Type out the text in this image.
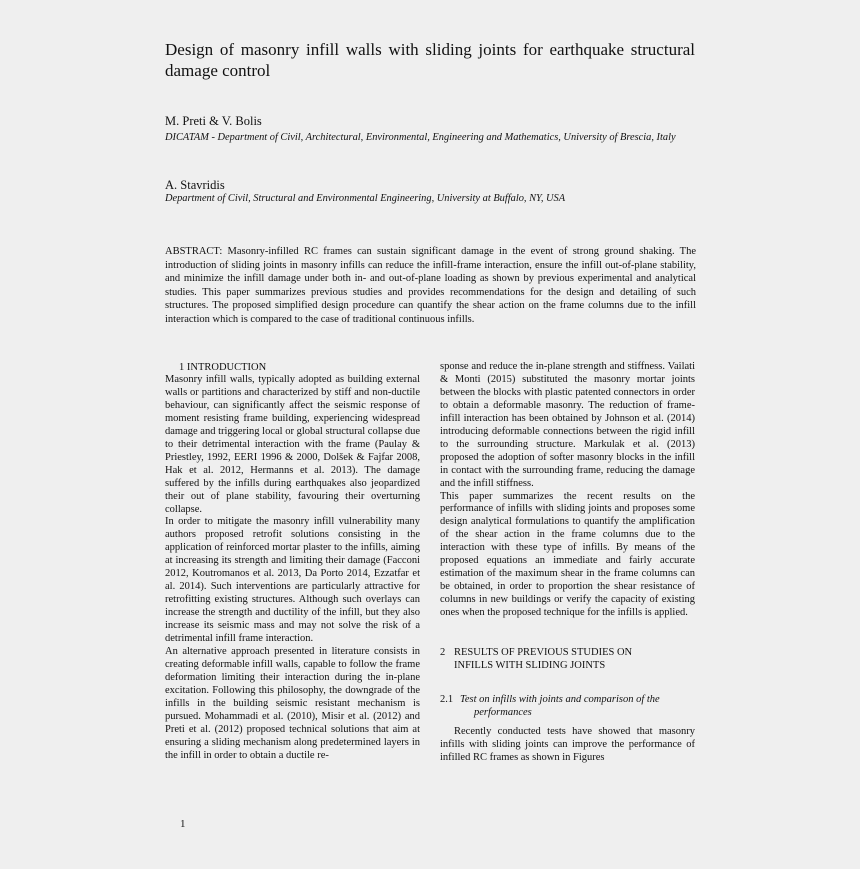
Design of masonry infill walls with sliding joints for earthquake structural damage control
M. Preti & V. Bolis
DICATAM - Department of Civil, Architectural, Environmental, Engineering and Mathematics, University of Brescia, Italy
A. Stavridis
Department of Civil, Structural and Environmental Engineering, University at Buffalo, NY, USA
ABSTRACT: Masonry-infilled RC frames can sustain significant damage in the event of strong ground shaking. The introduction of sliding joints in masonry infills can reduce the infill-frame interaction, ensure the infill out-of-plane stability, and minimize the infill damage under both in- and out-of-plane loading as shown by previous experimental and analytical studies. This paper summarizes previous studies and provides recommendations for the design and detailing of such structures. The proposed simplified design procedure can quantify the shear action on the frame columns due to the infill interaction which is compared to the case of traditional continuous infills.
1 INTRODUCTION

Masonry infill walls, typically adopted as building external walls or partitions and characterized by stiff and non-ductile behaviour, can significantly affect the seismic response of moment resisting frame building, experiencing widespread damage and triggering local or global structural collapse due to their detrimental interaction with the frame (Paulay & Priestley, 1992, EERI 1996 & 2000, Dolšek & Fajfar 2008, Hak et al. 2012, Hermanns et al. 2013). The damage suffered by the infills during earthquakes also jeopardized their out of plane stability, favouring their overturning collapse.

In order to mitigate the masonry infill vulnerability many authors proposed retrofit solutions consisting in the application of reinforced mortar plaster to the infills, aiming at increasing its strength and limiting their damage (Facconi 2012, Koutromanos et al. 2013, Da Porto 2014, Ezzatfar et al. 2014). Such interventions are particularly attractive for retrofitting existing structures. Although such overlays can increase the strength and ductility of the infill, but they also increase its seismic mass and may not solve the risk of a detrimental infill frame interaction.

An alternative approach presented in literature consists in creating deformable infill walls, capable to follow the frame deformation limiting their interaction during the in-plane excitation. Following this philosophy, the downgrade of the infills in the building seismic resistant mechanism is pursued. Mohammadi et al. (2010), Misir et al. (2012) and Preti et al. (2012) proposed technical solutions that aim at ensuring a sliding mechanism along predetermined layers in the infill in order to obtain a ductile re-

sponse and reduce the in-plane strength and stiffness. Vailati & Monti (2015) substituted the masonry mortar joints between the blocks with plastic patented connectors in order to obtain a deformable masonry. The reduction of frame-infill interaction has been obtained by Johnson et al. (2014) introducing deformable connections between the rigid infill to the surrounding structure. Markulak et al. (2013) proposed the adoption of softer masonry blocks in the infill in contact with the surrounding frame, reducing the damage and the infill stiffness.

This paper summarizes the recent results on the performance of infills with sliding joints and proposes some design analytical formulations to quantify the amplification of the shear action in the frame columns due to the interaction with these type of infills. By means of the proposed equations an immediate and fairly accurate estimation of the maximum shear in the frame columns can be obtained, in order to proportion the shear resistance of columns in new buildings or verify the capacity of existing ones when the proposed technique for the infills is applied.

2 RESULTS OF PREVIOUS STUDIES ON
INFILLS WITH SLIDING JOINTS
2.1 Test on infills with joints and comparison of the
performances

Recently conducted tests have showed that masonry infills with sliding joints can improve the performance of infilled RC frames as shown in Figures

1
